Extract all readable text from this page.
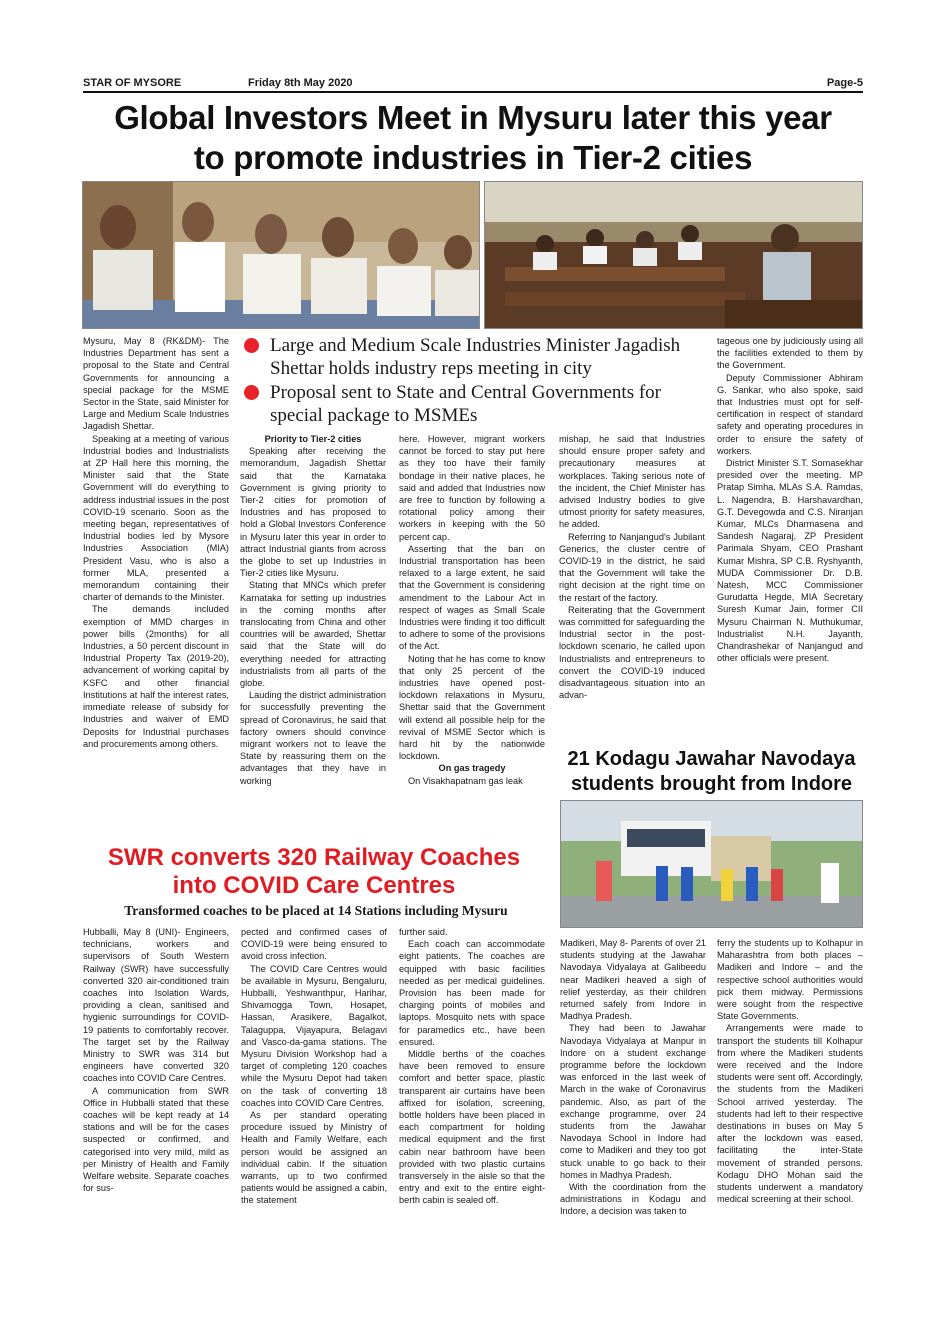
STAR OF MYSORE	Friday 8th May 2020	Page-5
Global Investors Meet in Mysuru later this year
to promote industries in Tier-2 cities

Mysuru, May 8 (RK&DM)- The Industries Department has sent a proposal to the State and Central Governments for announcing a special package for the MSME Sector in the State, said Minister for Large and Medium Scale Industries Jagadish Shettar.

Speaking at a meeting of various Industrial bodies and Industrialists at ZP Hall here this morning, the Minister said that the State Government will do everything to address industrial issues in the post COVID-19 scenario. Soon as the meeting began, representatives of Industrial bodies led by Mysore Industries Association (MIA) President Vasu, who is also a former MLA, presented a memorandum containing their charter of demands to the Minister.

The demands included exemption of MMD charges in power bills (2months) for all Industries, a 50 percent discount in Industrial Property Tax (2019-20), advancement of working capital by KSFC and other financial Institutions at half the interest rates, immediate release of subsidy for Industries and waiver of EMD Deposits for Industrial purchases and procurements among others.

Large and Medium Scale Industries Minister Jagadish Shettar holds industry reps meeting in city
Proposal sent to State and Central Governments for special package to MSMEs

Priority to Tier-2 cities

Speaking after receiving the memorandum, Jagadish Shettar said that the Karnataka Government is giving priority to Tier-2 cities for promotion of Industries and has proposed to hold a Global Investors Conference in Mysuru later this year in order to attract Industrial giants from across the globe to set up Industries in Tier-2 cities like Mysuru.

Stating that MNCs which prefer Karnataka for setting up industries in the coming months after translocating from China and other countries will be awarded, Shettar said that the State will do everything needed for attracting industrialists from all parts of the globe.

Lauding the district administration for successfully preventing the spread of Coronavirus, he said that factory owners should convince migrant workers not to leave the State by reassuring them on the advantages that they have in working

here. However, migrant workers cannot be forced to stay put here as they too have their family bondage in their native places, he said and added that Industries now are free to function by following a rotational policy among their workers in keeping with the 50 percent cap.

Asserting that the ban on Industrial transportation has been relaxed to a large extent, he said that the Government is considering amendment to the Labour Act in respect of wages as Small Scale Industries were finding it too difficult to adhere to some of the provisions of the Act.

Noting that he has come to know that only 25 percent of the industries have opened post-lockdown relaxations in Mysuru, Shettar said that the Government will extend all possible help for the revival of MSME Sector which is hard hit by the nationwide lockdown.

On gas tragedy

On Visakhapatnam gas leak

mishap, he said that Industries should ensure proper safety and precautionary measures at workplaces. Taking serious note of the incident, the Chief Minister has advised Industry bodies to give utmost priority for safety measures, he added.

Referring to Nanjangud's Jubilant Generics, the cluster centre of COVID-19 in the district, he said that the Government will take the right decision at the right time on the restart of the factory.

Reiterating that the Government was committed for safeguarding the Industrial sector in the post-lockdown scenario, he called upon Industrialists and entrepreneurs to convert the COVID-19 induced disadvantageous situation into an advan-

tageous one by judiciously using all the facilities extended to them by the Government.

Deputy Commissioner Abhiram G. Sankar, who also spoke, said that Industries must opt for self-certification in respect of standard safety and operating procedures in order to ensure the safety of workers.

District Minister S.T. Somasekhar presided over the meeting. MP Pratap Simha, MLAs S.A. Ramdas, L. Nagendra, B. Harshavardhan, G.T. Devegowda and C.S. Niranjan Kumar, MLCs Dharmasena and Sandesh Nagaraj, ZP President Parimala Shyam, CEO Prashant Kumar Mishra, SP C.B. Ryshyanth, MUDA Commissioner Dr. D.B. Natesh, MCC Commissioner Gurudatta Hegde, MIA Secretary Suresh Kumar Jain, former CII Mysuru Chairman N. Muthukumar, Industrialist N.H. Jayanth, Chandrashekar of Nanjangud and other officials were present.

21 Kodagu Jawahar Navodaya
students brought from Indore
SWR converts 320 Railway Coaches
into COVID Care Centres
Transformed coaches to be placed at 14 Stations including Mysuru

Hubballi, May 8 (UNI)- Engineers, technicians, workers and supervisors of South Western Railway (SWR) have successfully converted 320 air-conditioned train coaches into Isolation Wards, providing a clean, sanitised and hygienic surroundings for COVID-19 patients to comfortably recover. The target set by the Railway Ministry to SWR was 314 but engineers have converted 320 coaches into COVID Care Centres.

A communication from SWR Office in Hubballi stated that these coaches will be kept ready at 14 stations and will be for the cases suspected or confirmed, and categorised into very mild, mild as per Ministry of Health and Family Welfare website. Separate coaches for sus-

pected and confirmed cases of COVID-19 were being ensured to avoid cross infection.

The COVID Care Centres would be available in Mysuru, Bengaluru, Hubballi, Yeshwanthpur, Harihar, Shivamogga Town, Hosapet, Hassan, Arasikere, Bagalkot, Talaguppa, Vijayapura, Belagavi and Vasco-da-gama stations. The Mysuru Division Workshop had a target of completing 120 coaches while the Mysuru Depot had taken on the task of converting 18 coaches into COVID Care Centres.

As per standard operating procedure issued by Ministry of Health and Family Welfare, each person would be assigned an individual cabin. If the situation warrants, up to two confirmed patients would be assigned a cabin, the statement

further said.

Each coach can accommodate eight patients. The coaches are equipped with basic facilities needed as per medical guidelines. Provision has been made for charging points of mobiles and laptops. Mosquito nets with space for paramedics etc., have been ensured.

Middle berths of the coaches have been removed to ensure comfort and better space, plastic transparent air curtains have been affixed for isolation, screening, bottle holders have been placed in each compartment for holding medical equipment and the first cabin near bathroom have been provided with two plastic curtains transversely in the aisle so that the entry and exit to the entire eight-berth cabin is sealed off.

Madikeri, May 8- Parents of over 21 students studying at the Jawahar Navodaya Vidyalaya at Galibeedu near Madikeri heaved a sigh of relief yesterday, as their children returned safely from Indore in Madhya Pradesh.

They had been to Jawahar Navodaya Vidyalaya at Manpur in Indore on a student exchange programme before the lockdown was enforced in the last week of March in the wake of Coronavirus pandemic. Also, as part of the exchange programme, over 24 students from the Jawahar Navodaya School in Indore had come to Madikeri and they too got stuck unable to go back to their homes in Madhya Pradesh.

With the coordination from the administrations in Kodagu and Indore, a decision was taken to

ferry the students up to Kolhapur in Maharashtra from both places – Madikeri and Indore – and the respective school authorities would pick them midway. Permissions were sought from the respective State Governments.

Arrangements were made to transport the students till Kolhapur from where the Madikeri students were received and the Indore students were sent off. Accordingly, the students from the Madikeri School arrived yesterday. The students had left to their respective destinations in buses on May 5 after the lockdown was eased, facilitating the inter-State movement of stranded persons. Kodagu DHO Mohan said the students underwent a mandatory medical screening at their school.
